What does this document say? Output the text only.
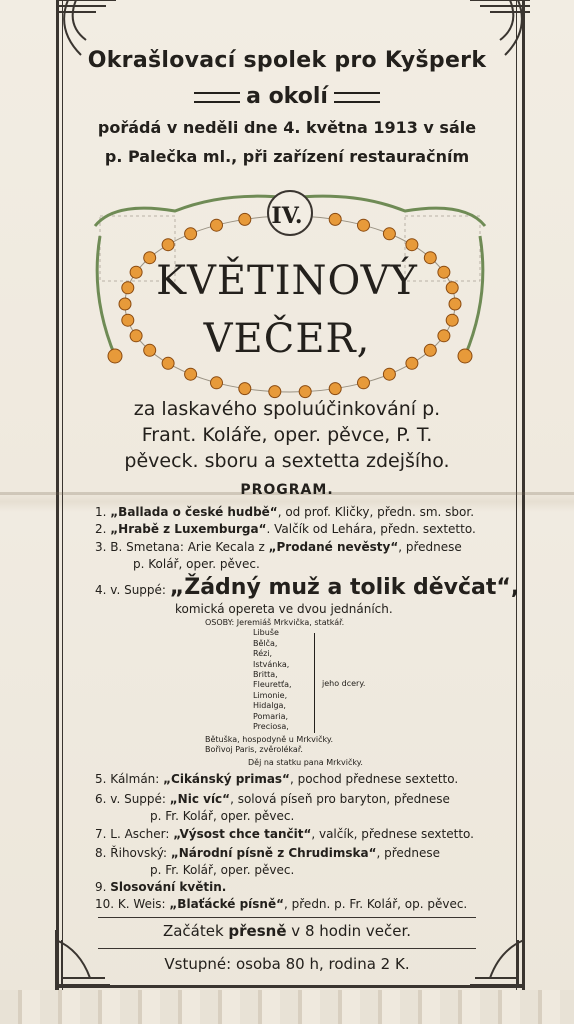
Okrašlovací spolek pro Kyšperk
a okolí
pořádá v neděli dne 4. května 1913 v sále
p. Palečka ml., při zařízení restauračním
IV.
KVĚTINOVÝ
VEČER,
za laskavého spoluúčinkování p.
Frant. Koláře, oper. pěvce, P. T.
pěveck. sboru a sextetta zdejšího.
PROGRAM.
1. „Ballada o české hudbě“, od prof. Kličky, předn. sm. sbor.
2. „Hrabě z Luxemburga“. Valčík od Lehára, předn. sextetto.
3. B. Smetana: Arie Kecala z „Prodané nevěsty“, přednese
p. Kolář, oper. pěvec.
4. v. Suppé: „Žádný muž a tolik děvčat“,
komická opereta ve dvou jednáních.
5. Kálmán: „Cikánský primas“, pochod přednese sextetto.
6. v. Suppé: „Nic víc“, solová píseň pro baryton, přednese
p. Fr. Kolář, oper. pěvec.
7. L. Ascher: „Výsost chce tančit“, valčík, přednese sextetto.
8. Řihovský: „Národní písně z Chrudimska“, přednese
p. Fr. Kolář, oper. pěvec.
9. Slosování květin.
10. K. Weis: „Blaťácké písně“, předn. p. Fr. Kolář, op. pěvec.
OSOBY: Jeremiáš Mrkvička, statkář.
Libuše
Bělča,
Rézi,
Istvánka,
Britta,
Fleuretťa,
Limonie,
Hidalga,
Pomaria,
Preciosa,
jeho dcery.
Bětuška, hospodyně u Mrkvičky.
Bořivoj Paris, zvěrolékař.
Děj na statku pana Mrkvičky.
Začátek přesně v 8 hodin večer.
Vstupné: osoba 80 h, rodina 2 K.
